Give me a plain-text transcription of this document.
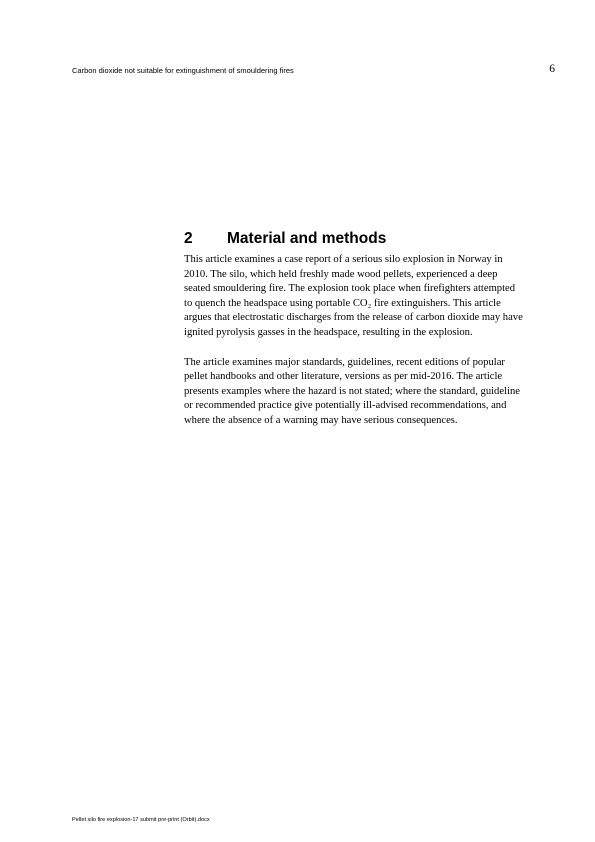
Carbon dioxide not suitable for extinguishment of smouldering fires	6
2 Material and methods

This article examines a case report of a serious silo explosion in Norway in
2010. The silo, which held freshly made wood pellets, experienced a deep
seated smouldering fire. The explosion took place when firefighters attempted
to quench the headspace using portable CO₂ fire extinguishers. This article
argues that electrostatic discharges from the release of carbon dioxide may have
ignited pyrolysis gasses in the headspace, resulting in the explosion.

The article examines major standards, guidelines, recent editions of popular
pellet handbooks and other literature, versions as per mid-2016. The article
presents examples where the hazard is not stated; where the standard, guideline
or recommended practice give potentially ill-advised recommendations, and
where the absence of a warning may have serious consequences.

Pellet silo fire explosion-17 submit pre-print (Orbit).docx
